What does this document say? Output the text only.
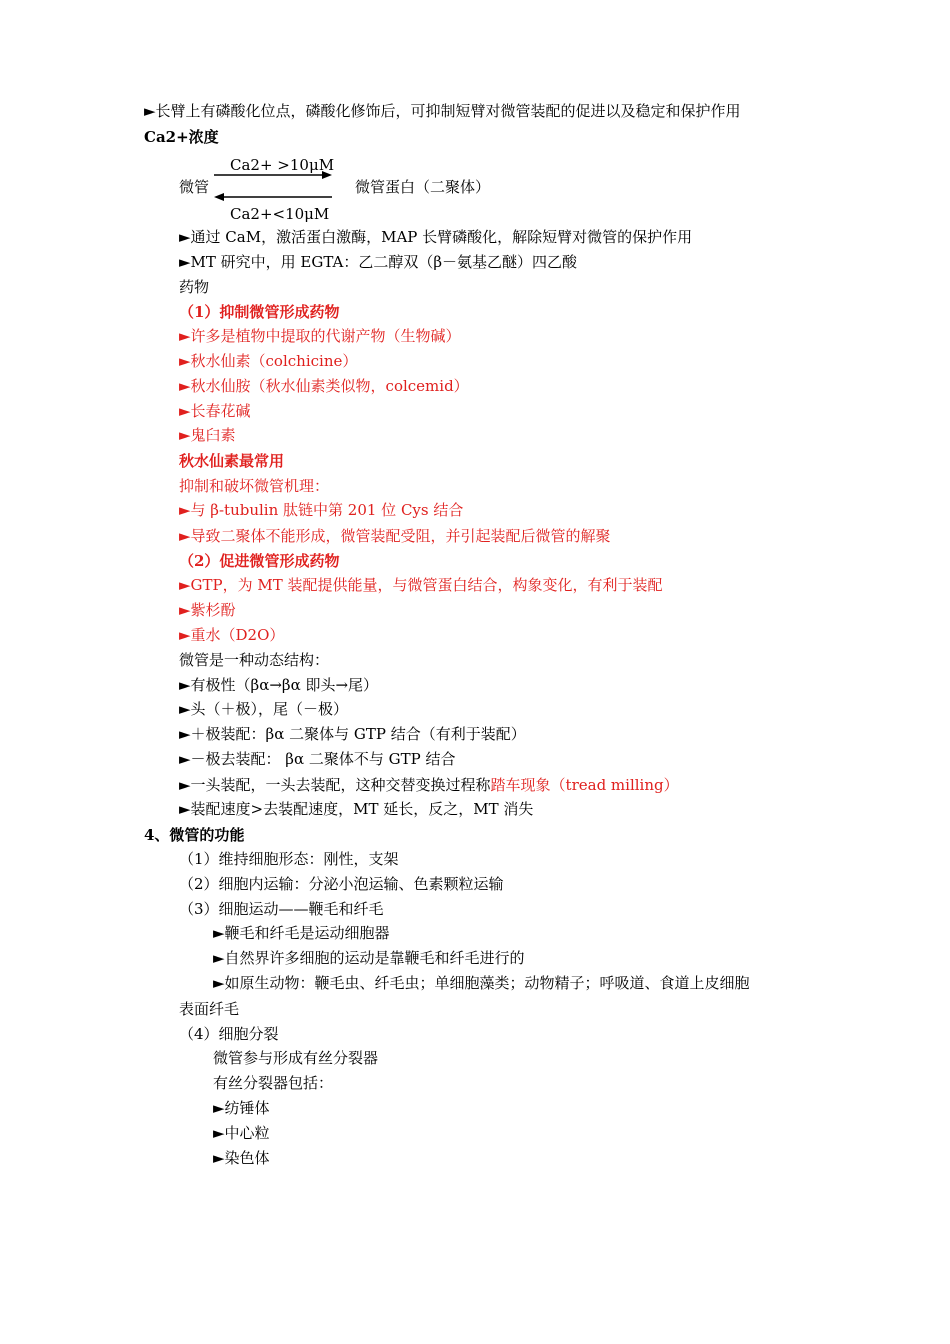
►长臂上有磷酸化位点，磷酸化修饰后，可抑制短臂对微管装配的促进以及稳定和保护作用
Ca2+浓度
Ca2+ >10μM
微管	微管蛋白（二聚体）
Ca2+<10μM
►通过 CaM，激活蛋白激酶，MAP 长臂磷酸化，解除短臂对微管的保护作用
►MT 研究中，用 EGTA：乙二醇双（β－氨基乙醚）四乙酸
药物
（1）抑制微管形成药物
►许多是植物中提取的代谢产物（生物碱）
►秋水仙素（colchicine）
►秋水仙胺（秋水仙素类似物，colcemid）
►长春花碱
►鬼臼素
秋水仙素最常用
抑制和破坏微管机理：
►与 β-tubulin 肽链中第 201 位 Cys 结合
►导致二聚体不能形成，微管装配受阻，并引起装配后微管的解聚
（2）促进微管形成药物
►GTP，为 MT 装配提供能量，与微管蛋白结合，构象变化，有利于装配
►紫杉酚
►重水（D2O）
微管是一种动态结构：
►有极性（βα→βα 即头→尾）
►头（＋极），尾（－极）
►＋极装配：βα 二聚体与 GTP 结合（有利于装配）
►－极去装配： βα 二聚体不与 GTP 结合
►一头装配，一头去装配，这种交替变换过程称踏车现象（tread milling）
►装配速度>去装配速度，MT 延长，反之，MT 消失
4、微管的功能
（1）维持细胞形态：刚性，支架
（2）细胞内运输：分泌小泡运输、色素颗粒运输
（3）细胞运动——鞭毛和纤毛
►鞭毛和纤毛是运动细胞器
►自然界许多细胞的运动是靠鞭毛和纤毛进行的
►如原生动物：鞭毛虫、纤毛虫；单细胞藻类；动物精子；呼吸道、食道上皮细胞
表面纤毛
（4）细胞分裂
微管参与形成有丝分裂器
有丝分裂器包括：
►纺锤体
►中心粒
►染色体
